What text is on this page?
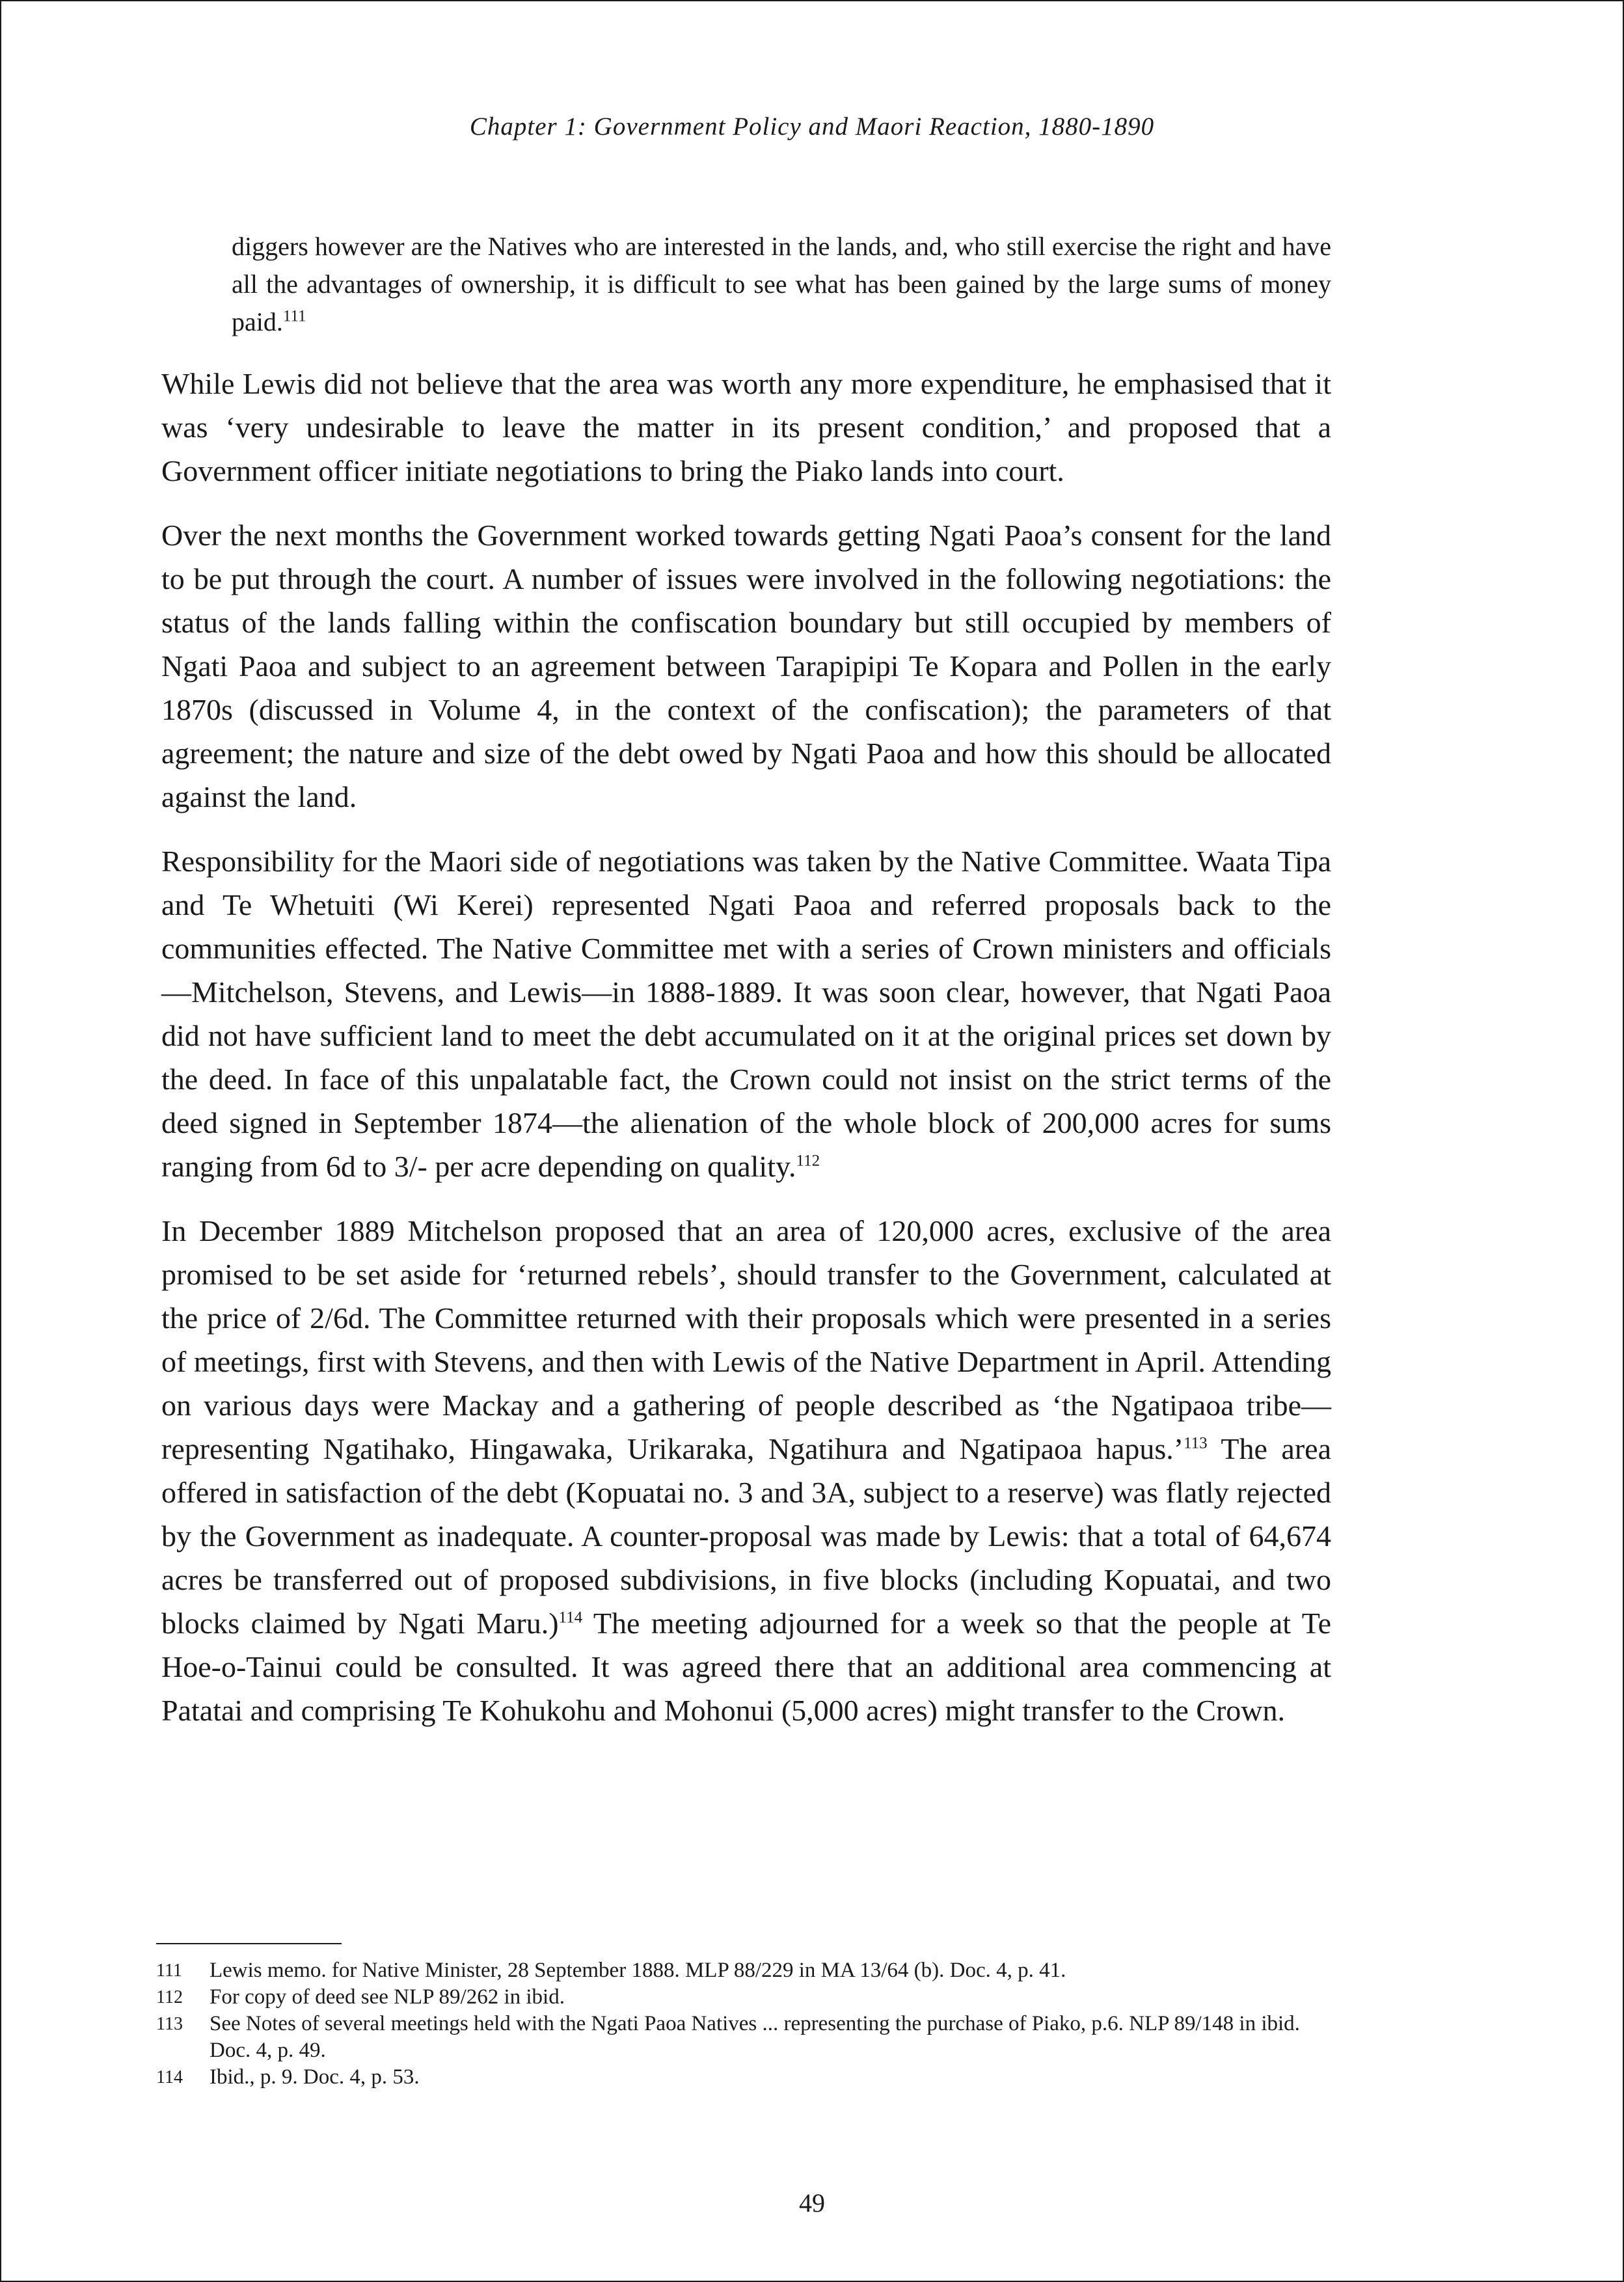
Chapter 1: Government Policy and Maori Reaction, 1880-1890

diggers however are the Natives who are interested in the lands, and, who still exercise the right and have all the advantages of ownership, it is difficult to see what has been gained by the large sums of money paid.$^{111}$

While Lewis did not believe that the area was worth any more expenditure, he emphasised that it was ‘very undesirable to leave the matter in its present condition,’ and proposed that a Government officer initiate negotiations to bring the Piako lands into court.

Over the next months the Government worked towards getting Ngati Paoa’s consent for the land to be put through the court. A number of issues were involved in the following negotiations: the status of the lands falling within the confiscation boundary but still occupied by members of Ngati Paoa and subject to an agreement between Tarapipipi Te Kopara and Pollen in the early 1870s (discussed in Volume 4, in the context of the confiscation); the parameters of that agreement; the nature and size of the debt owed by Ngati Paoa and how this should be allocated against the land.

Responsibility for the Maori side of negotiations was taken by the Native Committee. Waata Tipa and Te Whetuiti (Wi Kerei) represented Ngati Paoa and referred proposals back to the communities effected. The Native Committee met with a series of Crown ministers and officials—Mitchelson, Stevens, and Lewis—in 1888-1889. It was soon clear, however, that Ngati Paoa did not have sufficient land to meet the debt accumulated on it at the original prices set down by the deed. In face of this unpalatable fact, the Crown could not insist on the strict terms of the deed signed in September 1874—the alienation of the whole block of 200,000 acres for sums ranging from 6d to 3/- per acre depending on quality.$^{112}$

In December 1889 Mitchelson proposed that an area of 120,000 acres, exclusive of the area promised to be set aside for ‘returned rebels’, should transfer to the Government, calculated at the price of 2/6d. The Committee returned with their proposals which were presented in a series of meetings, first with Stevens, and then with Lewis of the Native Department in April. Attending on various days were Mackay and a gathering of people described as ‘the Ngatipaoa tribe—representing Ngatihako, Hingawaka, Urikaraka, Ngatihura and Ngatipaoa hapus.’$^{113}$ The area offered in satisfaction of the debt (Kopuatai no. 3 and 3A, subject to a reserve) was flatly rejected by the Government as inadequate. A counter-proposal was made by Lewis: that a total of 64,674 acres be transferred out of proposed subdivisions, in five blocks (including Kopuatai, and two blocks claimed by Ngati Maru.)$^{114}$ The meeting adjourned for a week so that the people at Te Hoe-o-Tainui could be consulted. It was agreed there that an additional area commencing at Patatai and comprising Te Kohukohu and Mohonui (5,000 acres) might transfer to the Crown.

111	Lewis memo. for Native Minister, 28 September 1888. MLP 88/229 in MA 13/64 (b). Doc. 4, p. 41.
112	For copy of deed see NLP 89/262 in ibid.
113	See Notes of several meetings held with the Ngati Paoa Natives ... representing the purchase of Piako, p.6. NLP 89/148 in ibid. Doc. 4, p. 49.
114	Ibid., p. 9. Doc. 4, p. 53.
49
